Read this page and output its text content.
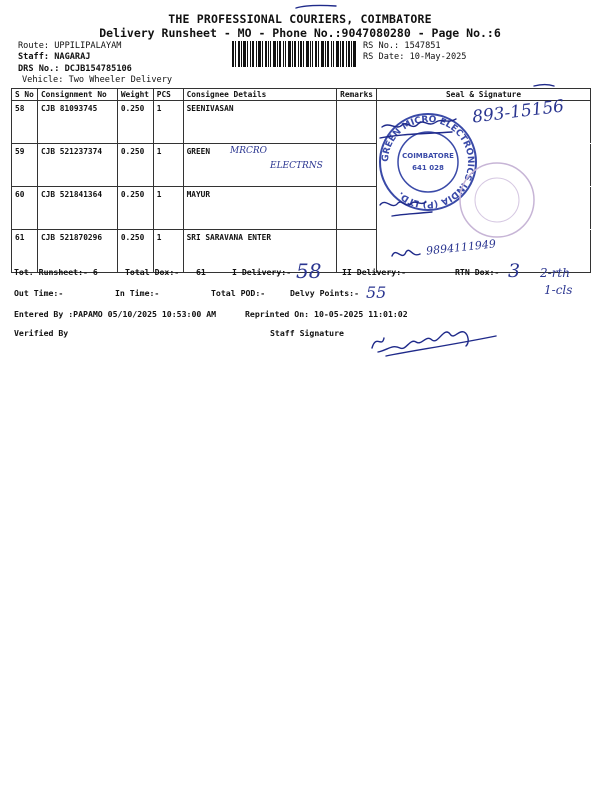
THE PROFESSIONAL COURIERS, COIMBATORE
Delivery Runsheet - MO - Phone No.:9047080280 - Page No.:6
Route: UPPILIPALAYAM
Staff: NAGARAJ
DRS No.: DCJB154785106
Vehicle: Two Wheeler Delivery
RS No.: 1547851
RS Date: 10-May-2025
S No	Consignment No	Weight	PCS	Consignee Details	Remarks	Seal & Signature
58	CJB 81093745	0.250	1	SEENIVASAN		
59	CJB 521237374	0.250	1	GREEN		
60	CJB 521841364	0.250	1	MAYUR		
61	CJB 521870296	0.250	1	SRI SARAVANA ENTER		
Tot. Runsheet:- 6	Total Dox:- 61	I Delivery:-	II Delivery:-	RTN Dox:-
Out Time:-	In Time:-	Total POD:-	Delvy Points:-
Entered By :PAPAMO 05/10/2025 10:53:00 AM	Reprinted On: 10-05-2025 11:01:02
Verified By	Staff Signature
58	3 2-rth
1-cls
55
893-15156
9894111949
MRCRO
ELECTRNS
GREEN MICRO ELECTRONICS INDIA (P) LTD.
COIMBATORE
641 028
